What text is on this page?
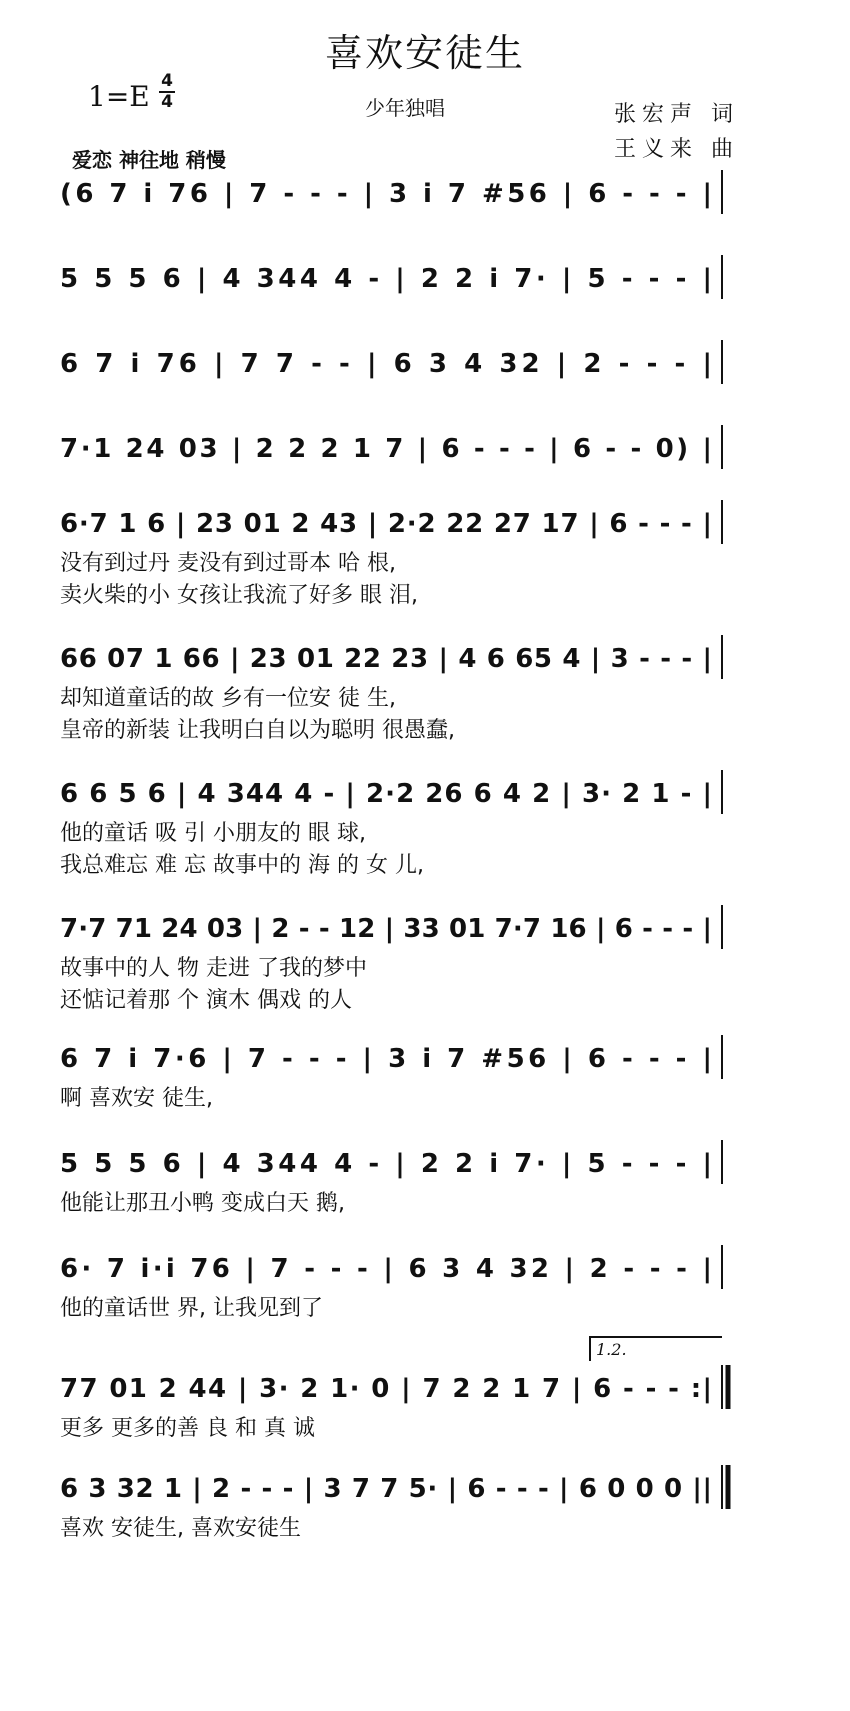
喜欢安徒生
1=E 4
4	少年独唱	张宏声 词
王义来 曲
爱恋 神往地 稍慢
(6 7 i 76 | 7 - - - | 3 i 7 #56 | 6 - - - |
5 5 5 6 | 4 344 4 - | 2 2 i 7· | 5 - - - |
6 7 i 76 | 7 7 - - | 6 3 4 32 | 2 - - - |
7·1 24 03 | 2 2 2 1 7 | 6 - - - | 6 - - 0) |
6·7 1 6 | 23 01 2 43 | 2·2 22 27 17 | 6 - - - |
没有到过丹 麦没有到过哥本 哈 根,
卖火柴的小 女孩让我流了好多 眼 泪,
66 07 1 66 | 23 01 22 23 | 4 6 65 4 | 3 - - - |
却知道童话的故 乡有一位安 徒 生,
皇帝的新装 让我明白自以为聪明 很愚蠢,
6 6 5 6 | 4 344 4 - | 2·2 26 6 4 2 | 3· 2 1 - |
他的童话 吸 引 小朋友的 眼 球,
我总难忘 难 忘 故事中的 海 的 女 儿,
7·7 71 24 03 | 2 - - 12 | 33 01 7·7 16 | 6 - - - |
故事中的人 物 走进 了我的梦中
还惦记着那 个 演木 偶戏 的人
6 7 i 7·6 | 7 - - - | 3 i 7 #56 | 6 - - - |
啊 喜欢安 徒生,
5 5 5 6 | 4 344 4 - | 2 2 i 7· | 5 - - - |
他能让那丑小鸭 变成白天 鹅,
6· 7 i·i 76 | 7 - - - | 6 3 4 32 | 2 - - - |
他的童话世 界, 让我见到了
77 01 2 44 | 3· 2 1· 0 | 7 2 2 1 7 | 6 - - - :|
1.2.
更多 更多的善 良 和 真 诚
6 3 32 1 | 2 - - - | 3 7 7 5· | 6 - - - | 6 0 0 0 ||
喜欢 安徒生, 喜欢安徒生
